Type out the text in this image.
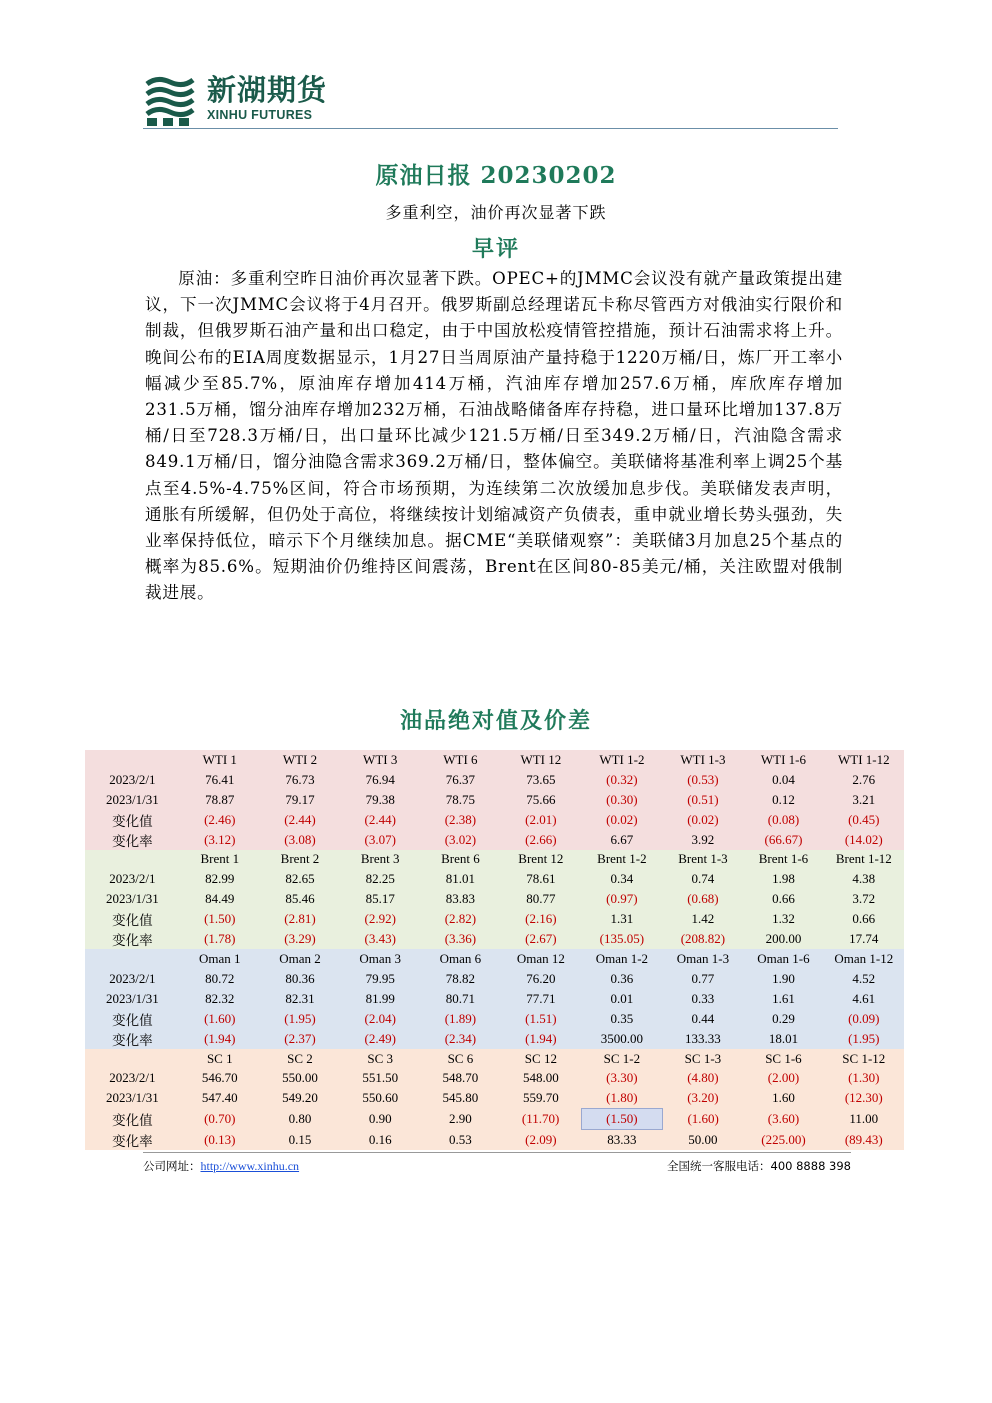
新湖期货
XINHU FUTURES
原油日报 20230202
多重利空，油价再次显著下跌
早评
原油：多重利空昨日油价再次显著下跌。OPEC+的JMMC会议没有就产量政策提出建议，下一次JMMC会议将于4月召开。俄罗斯副总经理诺瓦卡称尽管西方对俄油实行限价和制裁，但俄罗斯石油产量和出口稳定，由于中国放松疫情管控措施，预计石油需求将上升。晚间公布的EIA周度数据显示，1月27日当周原油产量持稳于1220万桶/日，炼厂开工率小幅减少至85.7%，原油库存增加414万桶，汽油库存增加257.6万桶，库欣库存增加231.5万桶，馏分油库存增加232万桶，石油战略储备库存持稳，进口量环比增加137.8万桶/日至728.3万桶/日，出口量环比减少121.5万桶/日至349.2万桶/日，汽油隐含需求849.1万桶/日，馏分油隐含需求369.2万桶/日，整体偏空。美联储将基准利率上调25个基点至4.5%-4.75%区间，符合市场预期，为连续第二次放缓加息步伐。美联储发表声明，通胀有所缓解，但仍处于高位，将继续按计划缩减资产负债表，重申就业增长势头强劲，失业率保持低位，暗示下个月继续加息。据CME“美联储观察”：美联储3月加息25个基点的概率为85.6%。短期油价仍维持区间震荡，Brent在区间80-85美元/桶，关注欧盟对俄制裁进展。
油品绝对值及价差
	WTI 1	WTI 2	WTI 3	WTI 6	WTI 12	WTI 1-2	WTI 1-3	WTI 1-6	WTI 1-12
2023/2/1	76.41	76.73	76.94	76.37	73.65	(0.32)	(0.53)	0.04	2.76
2023/1/31	78.87	79.17	79.38	78.75	75.66	(0.30)	(0.51)	0.12	3.21
变化值	(2.46)	(2.44)	(2.44)	(2.38)	(2.01)	(0.02)	(0.02)	(0.08)	(0.45)
变化率	(3.12)	(3.08)	(3.07)	(3.02)	(2.66)	6.67	3.92	(66.67)	(14.02)
	Brent 1	Brent 2	Brent 3	Brent 6	Brent 12	Brent 1-2	Brent 1-3	Brent 1-6	Brent 1-12
2023/2/1	82.99	82.65	82.25	81.01	78.61	0.34	0.74	1.98	4.38
2023/1/31	84.49	85.46	85.17	83.83	80.77	(0.97)	(0.68)	0.66	3.72
变化值	(1.50)	(2.81)	(2.92)	(2.82)	(2.16)	1.31	1.42	1.32	0.66
变化率	(1.78)	(3.29)	(3.43)	(3.36)	(2.67)	(135.05)	(208.82)	200.00	17.74
	Oman 1	Oman 2	Oman 3	Oman 6	Oman 12	Oman 1-2	Oman 1-3	Oman 1-6	Oman 1-12
2023/2/1	80.72	80.36	79.95	78.82	76.20	0.36	0.77	1.90	4.52
2023/1/31	82.32	82.31	81.99	80.71	77.71	0.01	0.33	1.61	4.61
变化值	(1.60)	(1.95)	(2.04)	(1.89)	(1.51)	0.35	0.44	0.29	(0.09)
变化率	(1.94)	(2.37)	(2.49)	(2.34)	(1.94)	3500.00	133.33	18.01	(1.95)
	SC 1	SC 2	SC 3	SC 6	SC 12	SC 1-2	SC 1-3	SC 1-6	SC 1-12
2023/2/1	546.70	550.00	551.50	548.70	548.00	(3.30)	(4.80)	(2.00)	(1.30)
2023/1/31	547.40	549.20	550.60	545.80	559.70	(1.80)	(3.20)	1.60	(12.30)
变化值	(0.70)	0.80	0.90	2.90	(11.70)	(1.50)	(1.60)	(3.60)	11.00
变化率	(0.13)	0.15	0.16	0.53	(2.09)	83.33	50.00	(225.00)	(89.43)
公司网址：http://www.xinhu.cn	全国统一客服电话：400 8888 398
